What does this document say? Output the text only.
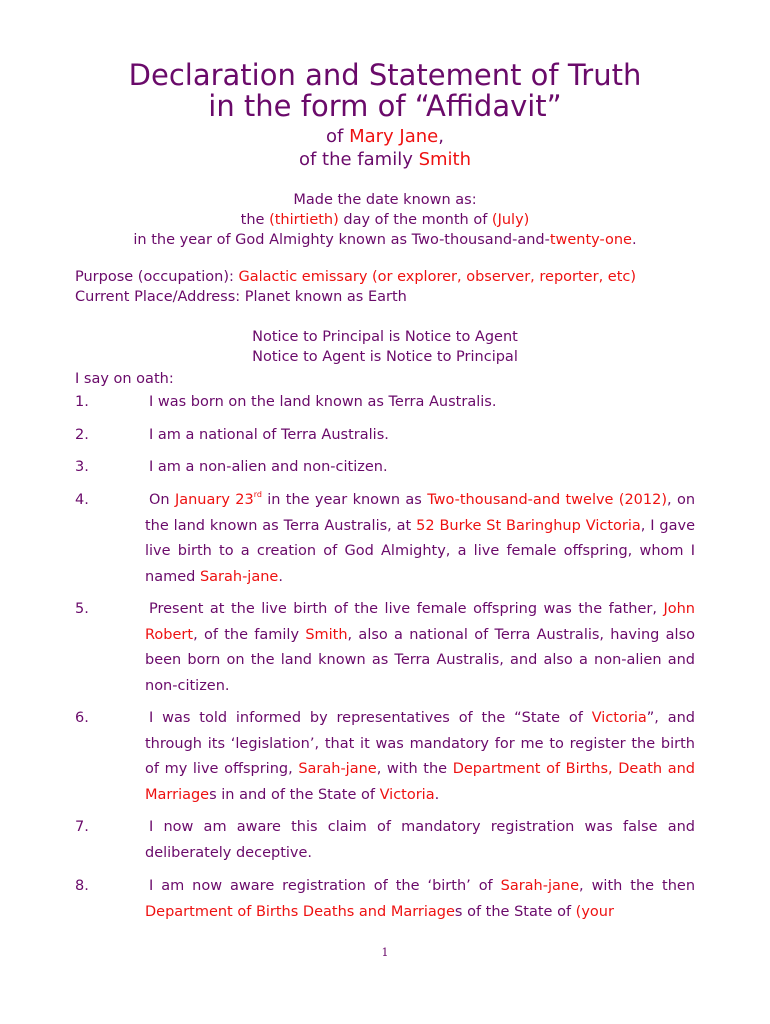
Declaration and Statement of Truth
in the form of “Affidavit”
of Mary Jane,
of the family Smith
Made the date known as:
the (thirtieth) day of the month of (July)
in the year of God Almighty known as Two-thousand-and-twenty-one.
Purpose (occupation): Galactic emissary (or explorer, observer, reporter, etc)
Current Place/Address: Planet known as Earth
Notice to Principal is Notice to Agent
Notice to Agent is Notice to Principal
I say on oath:
1.	I was born on the land known as Terra Australis.
2.	I am a national of Terra Australis.
3.	I am a non-alien and non-citizen.
4.	On January 23rd in the year known as Two-thousand-and twelve (2012), on the land known as Terra Australis, at 52 Burke St Baringhup Victoria, I gave live birth to a creation of God Almighty, a live female offspring, whom I named Sarah-jane.
5.	Present at the live birth of the live female offspring was the father, John Robert, of the family Smith, also a national of Terra Australis, having also been born on the land known as Terra Australis, and also a non-alien and non-citizen.
6.	I was told informed by representatives of the “State of Victoria”, and through its ‘legislation’, that it was mandatory for me to register the birth of my live offspring, Sarah-jane, with the Department of Births, Death and Marriages in and of the State of Victoria.
7.	I now am aware this claim of mandatory registration was false and deliberately deceptive.
8.	I am now aware registration of the ‘birth’ of Sarah-jane, with the then Department of Births Deaths and Marriages of the State of (your
1
